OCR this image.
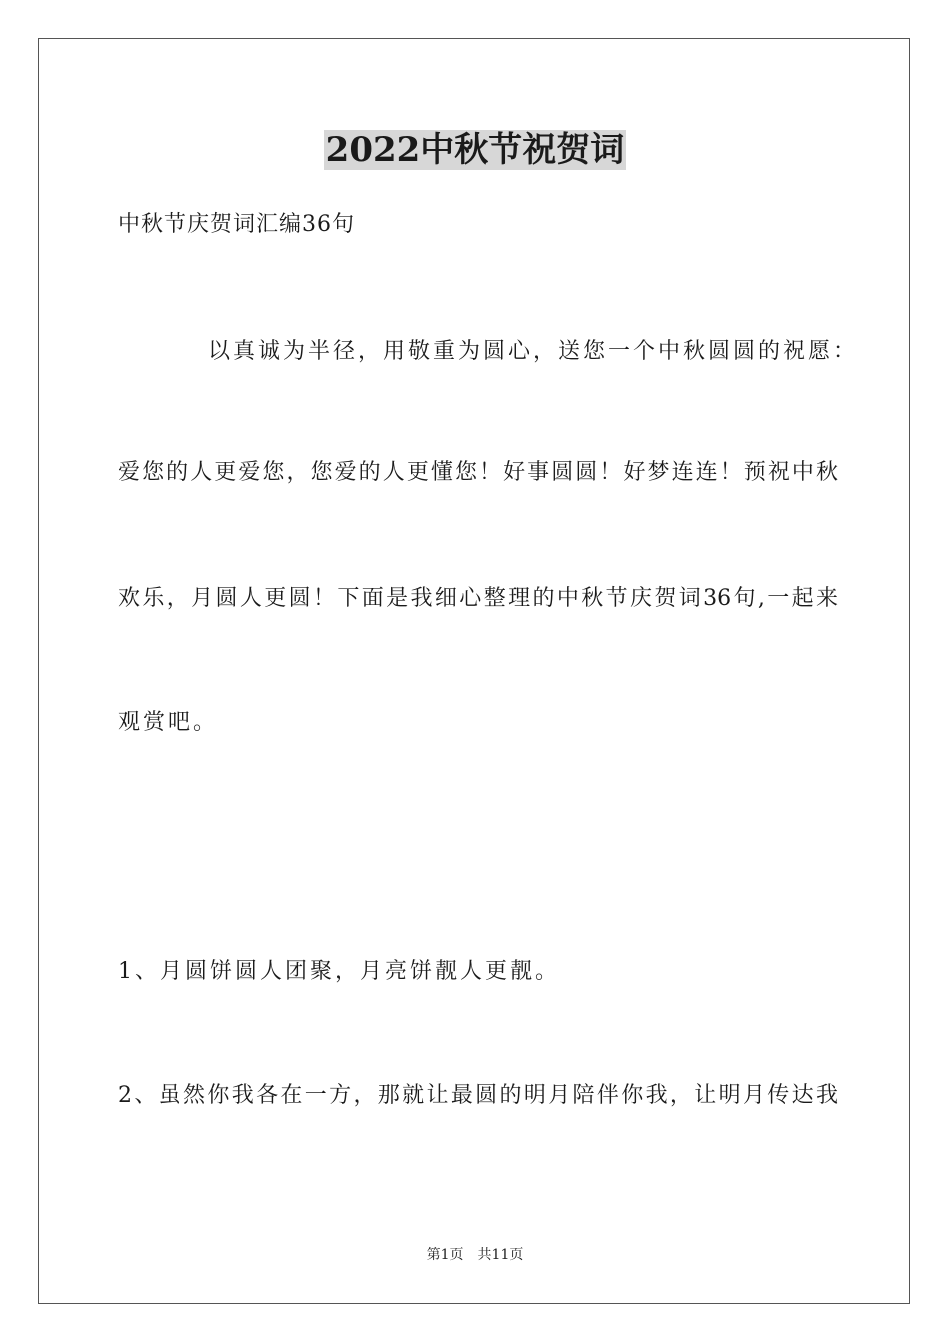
2022中秋节祝贺词
中秋节庆贺词汇编36句
以真诚为半径，用敬重为圆心，送您一个中秋圆圆的祝愿：
爱您的人更爱您，您爱的人更懂您！好事圆圆！好梦连连！预祝中秋
欢乐，月圆人更圆！下面是我细心整理的中秋节庆贺词36句,一起来
观赏吧。
1、月圆饼圆人团聚，月亮饼靓人更靓。
2、虽然你我各在一方，那就让最圆的明月陪伴你我，让明月传达我
第1页　共11页
